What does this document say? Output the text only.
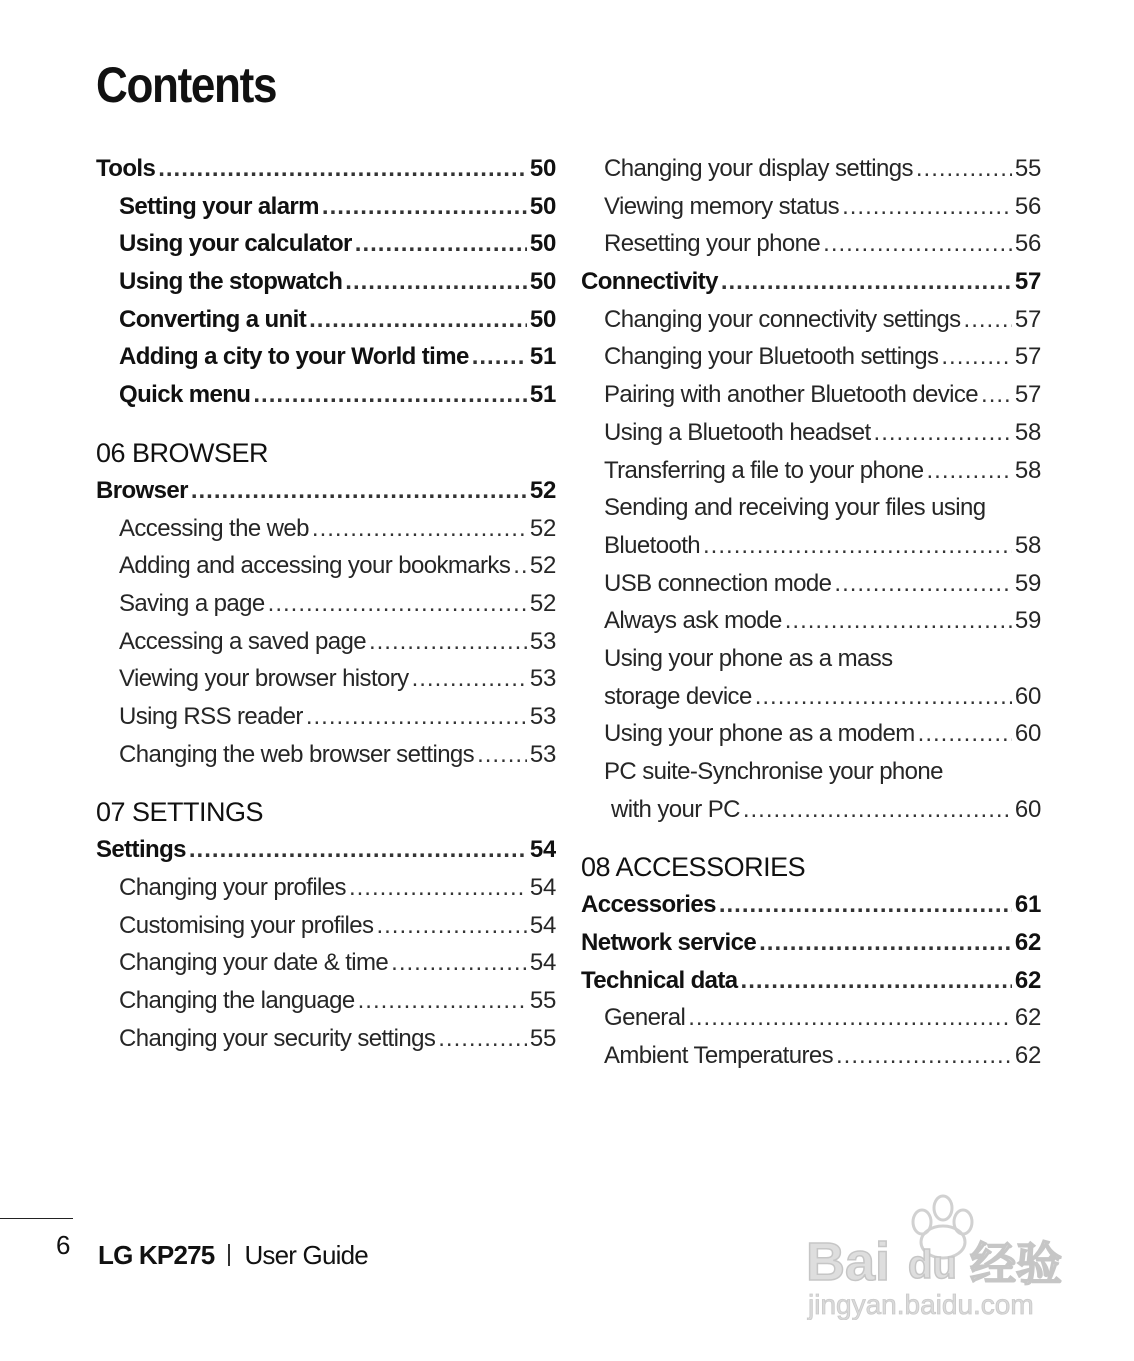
Contents
Tools .....	50
Setting your alarm .....	50
Using your calculator .....	50
Using the stopwatch .....	50
Converting a unit .....	50
Adding a city to your World time .....	51
Quick menu .....	51
06 BROWSER
Browser .....	52
Accessing the web .....	52
Adding and accessing your bookmarks ..... 52
Saving a page .....	52
Accessing a saved page .....	53
Viewing your browser history .....	53
Using RSS reader .....	53
Changing the web browser settings ..... 53
07 SETTINGS
Settings .....	54
Changing your profiles .....	54
Customising your profiles .....	54
Changing your date & time .....	54
Changing the language .....	55
Changing your security settings .....	55
Changing your display settings .....	55
Viewing memory status .....	56
Resetting your phone .....	56
Connectivity .....	57
Changing your connectivity settings ..... 57
Changing your Bluetooth settings .....	57
Pairing with another Bluetooth device ..... 57
Using a Bluetooth headset .....	58
Transferring a file to your phone .....	58
Sending and receiving your files using
Bluetooth .....	58
USB connection mode .....	59
Always ask mode .....	59
Using your phone as a mass
storage device .....	60
Using your phone as a modem .....	60
PC suite-Synchronise your phone
with your PC .....	60
08 ACCESSORIES
Accessories .....	61
Network service .....	62
Technical data .....	62
General .....	62
Ambient Temperatures .....	62
6 LG KP275 User Guide	Bai du 经验
jingyan.baidu.com
